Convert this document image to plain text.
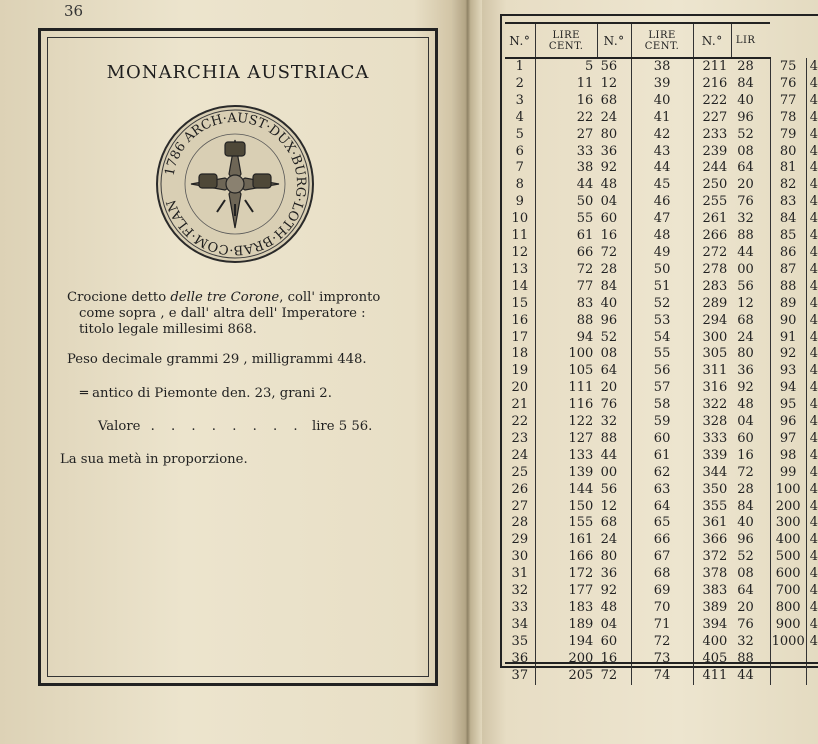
36
MONARCHIA AUSTRIACA
1786 ARCH·AUST·DUX·BURG·LOTH·BRAB·COM·FLAN
Crocione detto delle tre Corone, coll' impronto
come sopra , e dall' altra dell' Imperatore :
titolo legale millesimi 868.
Peso decimale grammi 29 , milligrammi 448.
═ antico di Piemonte den. 23, grani 2.
Valore . . . . . . . . lire 5 56.
La sua metà in proporzione.
N.°	LIRE CENT.	N.°	LIRE CENT.	N.°	LIR		
1	5	56	38	211	28	75	4
2	11	12	39	216	84	76	4
3	16	68	40	222	40	77	4
4	22	24	41	227	96	78	4
5	27	80	42	233	52	79	4
6	33	36	43	239	08	80	4
7	38	92	44	244	64	81	4
8	44	48	45	250	20	82	4
9	50	04	46	255	76	83	4
10	55	60	47	261	32	84	4
11	61	16	48	266	88	85	4
12	66	72	49	272	44	86	4
13	72	28	50	278	00	87	4
14	77	84	51	283	56	88	4
15	83	40	52	289	12	89	4
16	88	96	53	294	68	90	4
17	94	52	54	300	24	91	4
18	100	08	55	305	80	92	4
19	105	64	56	311	36	93	4
20	111	20	57	316	92	94	4
21	116	76	58	322	48	95	4
22	122	32	59	328	04	96	4
23	127	88	60	333	60	97	4
24	133	44	61	339	16	98	4
25	139	00	62	344	72	99	4
26	144	56	63	350	28	100	4
27	150	12	64	355	84	200	4
28	155	68	65	361	40	300	4
29	161	24	66	366	96	400	4
30	166	80	67	372	52	500	4
31	172	36	68	378	08	600	4
32	177	92	69	383	64	700	4
33	183	48	70	389	20	800	4
34	189	04	71	394	76	900	4
35	194	60	72	400	32	1000	4
36	200	16	73	405	88		
37	205	72	74	411	44		
